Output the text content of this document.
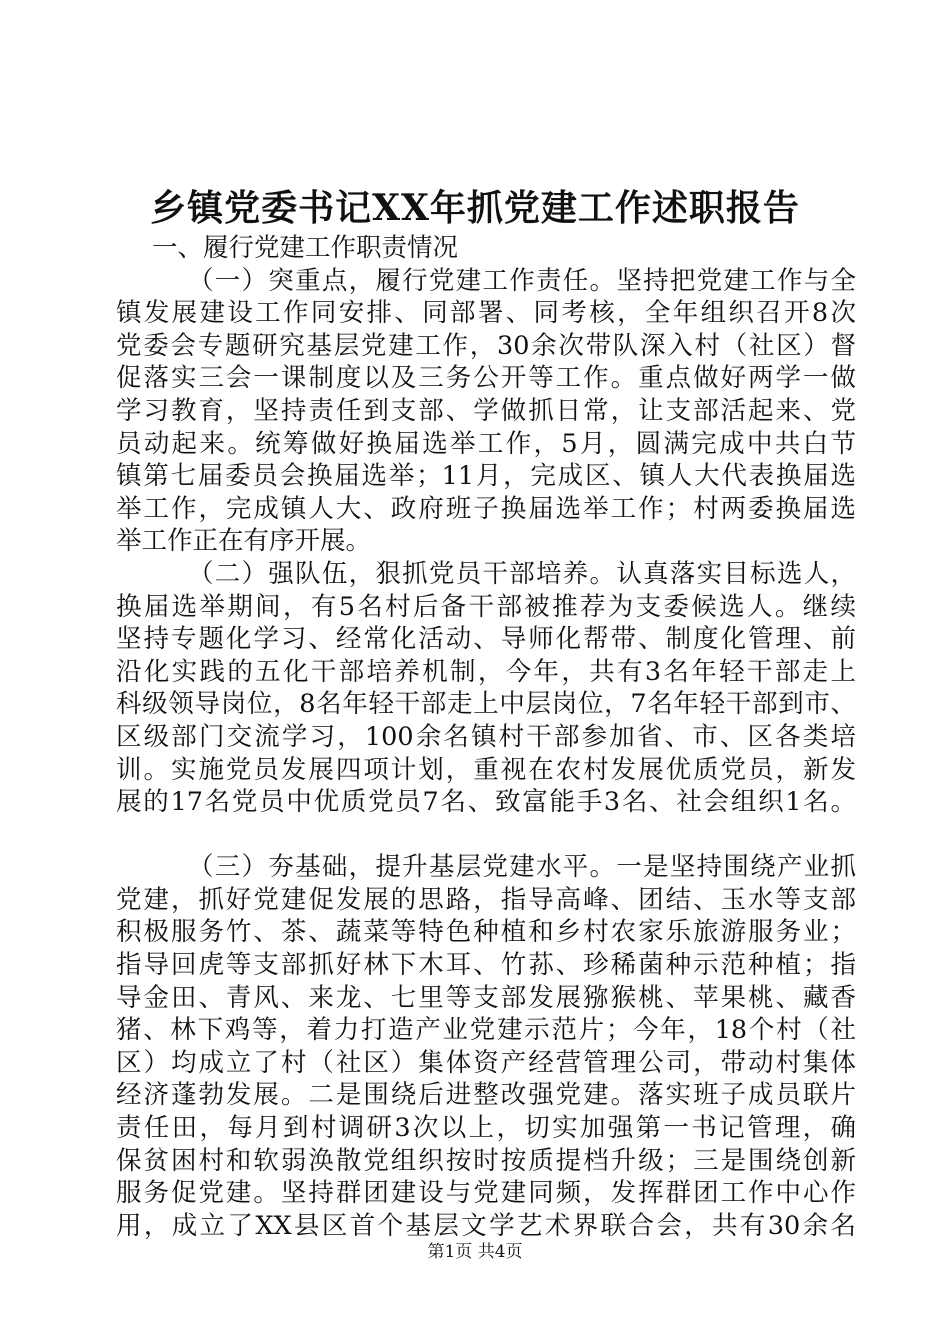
乡镇党委书记XX年抓党建工作述职报告
一、履行党建工作职责情况
（一）突重点，履行党建工作责任。坚持把党建工作与全
镇发展建设工作同安排、同部署、同考核，全年组织召开8次
党委会专题研究基层党建工作，30余次带队深入村（社区）督
促落实三会一课制度以及三务公开等工作。重点做好两学一做
学习教育，坚持责任到支部、学做抓日常，让支部活起来、党
员动起来。统筹做好换届选举工作，5月，圆满完成中共白节
镇第七届委员会换届选举；11月，完成区、镇人大代表换届选
举工作，完成镇人大、政府班子换届选举工作；村两委换届选
举工作正在有序开展。
（二）强队伍，狠抓党员干部培养。认真落实目标选人，
换届选举期间，有5名村后备干部被推荐为支委候选人。继续
坚持专题化学习、经常化活动、导师化帮带、制度化管理、前
沿化实践的五化干部培养机制，今年，共有3名年轻干部走上
科级领导岗位，8名年轻干部走上中层岗位，7名年轻干部到市、
区级部门交流学习，100余名镇村干部参加省、市、区各类培
训。实施党员发展四项计划，重视在农村发展优质党员，新发
展的17名党员中优质党员7名、致富能手3名、社会组织1名。
（三）夯基础，提升基层党建水平。一是坚持围绕产业抓
党建，抓好党建促发展的思路，指导高峰、团结、玉水等支部
积极服务竹、茶、蔬菜等特色种植和乡村农家乐旅游服务业；
指导回虎等支部抓好林下木耳、竹荪、珍稀菌种示范种植；指
导金田、青风、来龙、七里等支部发展猕猴桃、苹果桃、藏香
猪、林下鸡等，着力打造产业党建示范片；今年，18个村（社
区）均成立了村（社区）集体资产经营管理公司，带动村集体
经济蓬勃发展。二是围绕后进整改强党建。落实班子成员联片
责任田，每月到村调研3次以上，切实加强第一书记管理，确
保贫困村和软弱涣散党组织按时按质提档升级；三是围绕创新
服务促党建。坚持群团建设与党建同频，发挥群团工作中心作
用，成立了XX县区首个基层文学艺术界联合会，共有30余名
第1页 共4页
